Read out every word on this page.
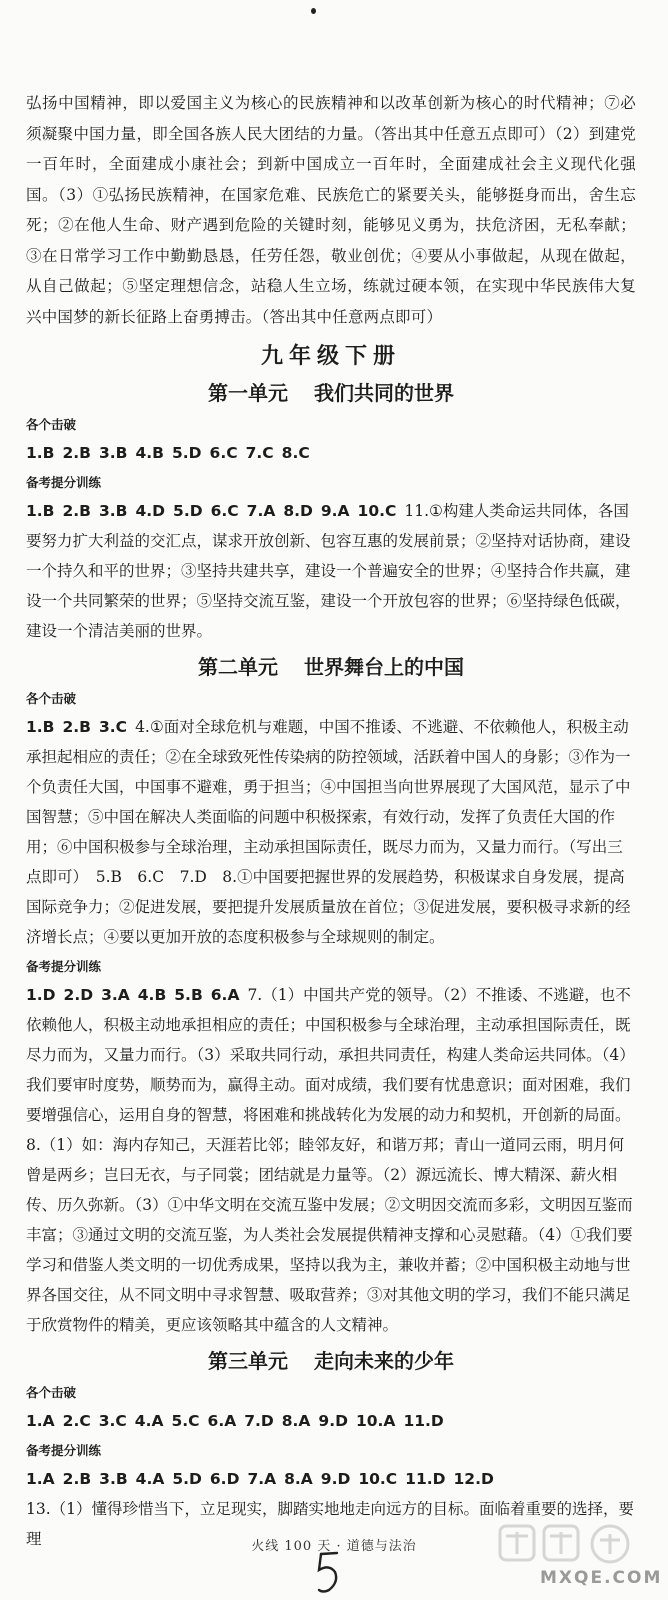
弘扬中国精神，即以爱国主义为核心的民族精神和以改革创新为核心的时代精神；⑦必须凝聚中国力量，即全国各族人民大团结的力量。（答出其中任意五点即可）（2）到建党一百年时，全面建成小康社会；到新中国成立一百年时，全面建成社会主义现代化强国。（3）①弘扬民族精神，在国家危难、民族危亡的紧要关头，能够挺身而出，舍生忘死；②在他人生命、财产遇到危险的关键时刻，能够见义勇为，扶危济困，无私奉献；③在日常学习工作中勤勤恳恳，任劳任怨，敬业创优；④要从小事做起，从现在做起，从自己做起；⑤坚定理想信念，站稳人生立场，练就过硬本领，在实现中华民族伟大复兴中国梦的新长征路上奋勇搏击。（答出其中任意两点即可）

九年级下册
第一单元 我们共同的世界
各个击破

1.B 2.B 3.B 4.B 5.D 6.C 7.C 8.C

备考提分训练

1.B 2.B 3.B 4.D 5.D 6.C 7.A 8.D 9.A 10.C 11.①构建人类命运共同体，各国要努力扩大利益的交汇点，谋求开放创新、包容互惠的发展前景；②坚持对话协商，建设一个持久和平的世界；③坚持共建共享，建设一个普遍安全的世界；④坚持合作共赢，建设一个共同繁荣的世界；⑤坚持交流互鉴，建设一个开放包容的世界；⑥坚持绿色低碳，建设一个清洁美丽的世界。

第二单元 世界舞台上的中国
各个击破

1.B 2.B 3.C 4.①面对全球危机与难题，中国不推诿、不逃避、不依赖他人，积极主动承担起相应的责任；②在全球致死性传染病的防控领域，活跃着中国人的身影；③作为一个负责任大国，中国事不避难，勇于担当；④中国担当向世界展现了大国风范，显示了中国智慧；⑤中国在解决人类面临的问题中积极探索，有效行动，发挥了负责任大国的作用；⑥中国积极参与全球治理，主动承担国际责任，既尽力而为，又量力而行。（写出三点即可）　5.B　6.C　7.D　8.①中国要把握世界的发展趋势，积极谋求自身发展，提高国际竞争力；②促进发展，要把提升发展质量放在首位；③促进发展，要积极寻求新的经济增长点；④要以更加开放的态度积极参与全球规则的制定。

备考提分训练

1.D 2.D 3.A 4.B 5.B 6.A 7.（1）中国共产党的领导。（2）不推诿、不逃避，也不依赖他人，积极主动地承担相应的责任；中国积极参与全球治理，主动承担国际责任，既尽力而为，又量力而行。（3）采取共同行动，承担共同责任，构建人类命运共同体。（4）我们要审时度势，顺势而为，赢得主动。面对成绩，我们要有忧患意识；面对困难，我们要增强信心，运用自身的智慧，将困难和挑战转化为发展的动力和契机，开创新的局面。　8.（1）如：海内存知己，天涯若比邻；睦邻友好，和谐万邦；青山一道同云雨，明月何曾是两乡；岂曰无衣，与子同裳；团结就是力量等。（2）源远流长、博大精深、薪火相传、历久弥新。（3）①中华文明在交流互鉴中发展；②文明因交流而多彩，文明因互鉴而丰富；③通过文明的交流互鉴，为人类社会发展提供精神支撑和心灵慰藉。（4）①我们要学习和借鉴人类文明的一切优秀成果，坚持以我为主，兼收并蓄；②中国积极主动地与世界各国交往，从不同文明中寻求智慧、吸取营养；③对其他文明的学习，我们不能只满足于欣赏物件的精美，更应该领略其中蕴含的人文精神。

第三单元 走向未来的少年
各个击破

1.A 2.C 3.C 4.A 5.C 6.A 7.D 8.A 9.D 10.A 11.D

备考提分训练

1.A 2.B 3.B 4.A 5.D 6.D 7.A 8.A 9.D 10.C 11.D 12.D
13.（1）懂得珍惜当下，立足现实，脚踏实地地走向远方的目标。面临着重要的选择，要理	火线 100 天 · 道德与法治
MXQE.COM
